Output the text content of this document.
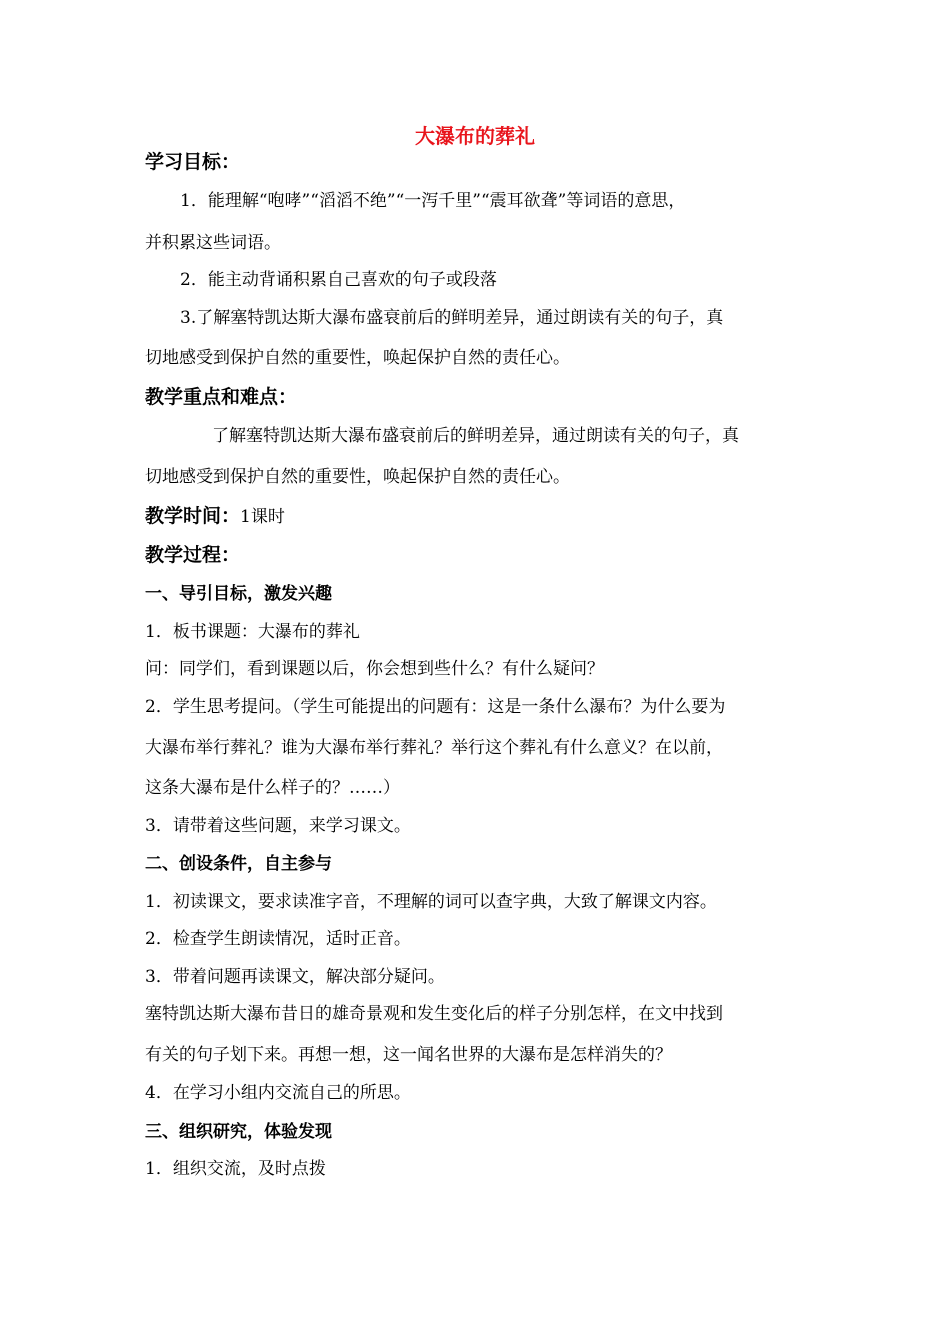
大瀑布的葬礼

学习目标：

1．能理解“咆哮”“滔滔不绝”“一泻千里”“震耳欲聋”等词语的意思，

并积累这些词语。

2．能主动背诵积累自己喜欢的句子或段落

3.了解塞特凯达斯大瀑布盛衰前后的鲜明差异，通过朗读有关的句子，真

切地感受到保护自然的重要性，唤起保护自然的责任心。

教学重点和难点：

了解塞特凯达斯大瀑布盛衰前后的鲜明差异，通过朗读有关的句子，真

切地感受到保护自然的重要性，唤起保护自然的责任心。

教学时间：1课时

教学过程：

一、导引目标，激发兴趣

1．板书课题：大瀑布的葬礼

问：同学们，看到课题以后，你会想到些什么？有什么疑问？

2．学生思考提问。（学生可能提出的问题有：这是一条什么瀑布？为什么要为

大瀑布举行葬礼？谁为大瀑布举行葬礼？举行这个葬礼有什么意义？在以前，

这条大瀑布是什么样子的？……）

3．请带着这些问题，来学习课文。

二、创设条件，自主参与

1．初读课文，要求读准字音，不理解的词可以查字典，大致了解课文内容。

2．检查学生朗读情况，适时正音。

3．带着问题再读课文，解决部分疑问。

塞特凯达斯大瀑布昔日的雄奇景观和发生变化后的样子分别怎样，在文中找到

有关的句子划下来。再想一想，这一闻名世界的大瀑布是怎样消失的？

4．在学习小组内交流自己的所思。

三、组织研究，体验发现

1．组织交流，及时点拨
